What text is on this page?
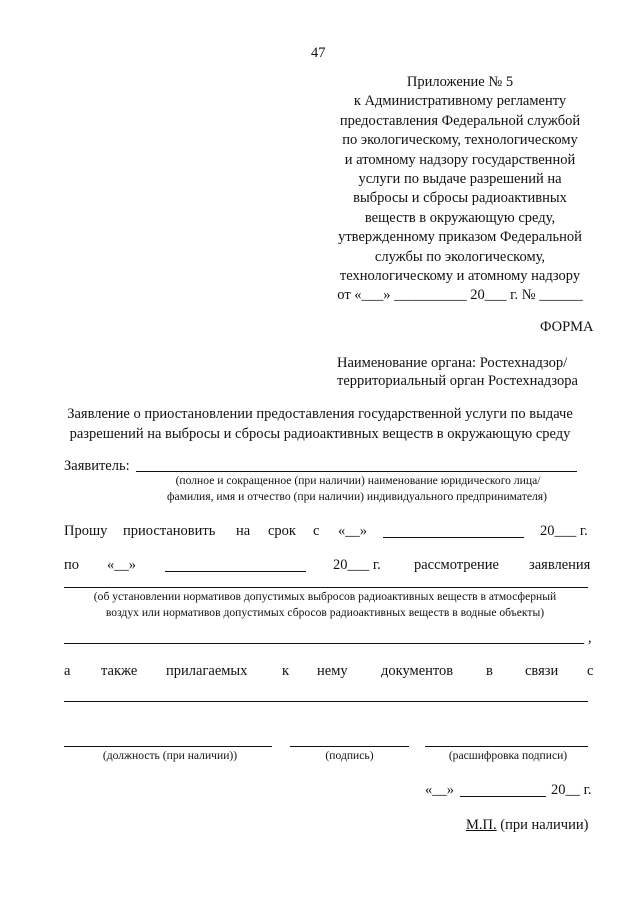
47
Приложение № 5
к Административному регламенту
предоставления Федеральной службой
по экологическому, технологическому
и атомному надзору государственной
услуги по выдаче разрешений на
выбросы и сбросы радиоактивных
веществ в окружающую среду,
утвержденному приказом Федеральной
службы по экологическому,
технологическому и атомному надзору
от «___» __________ 20___ г. № ______
ФОРМА
Наименование органа: Ростехнадзор/
территориальный орган Ростехнадзора
Заявление о приостановлении предоставления государственной услуги по выдаче
разрешений на выбросы и сбросы радиоактивных веществ в окружающую среду
Заявитель:
(полное и сокращенное (при наличии) наименование юридического лица/
фамилия, имя и отчество (при наличии) индивидуального предпринимателя)
Прошу приостановить на срок с «__»	20___ г.
по «__»	20___ г. рассмотрение заявления
(об установлении нормативов допустимых выбросов радиоактивных веществ в атмосферный
воздух или нормативов допустимых сбросов радиоактивных веществ в водные объекты)
,
а также прилагаемых к нему документов в связи с
(должность (при наличии))	(подпись)	(расшифровка подписи)
«__»	20__ г.
М.П. (при наличии)
